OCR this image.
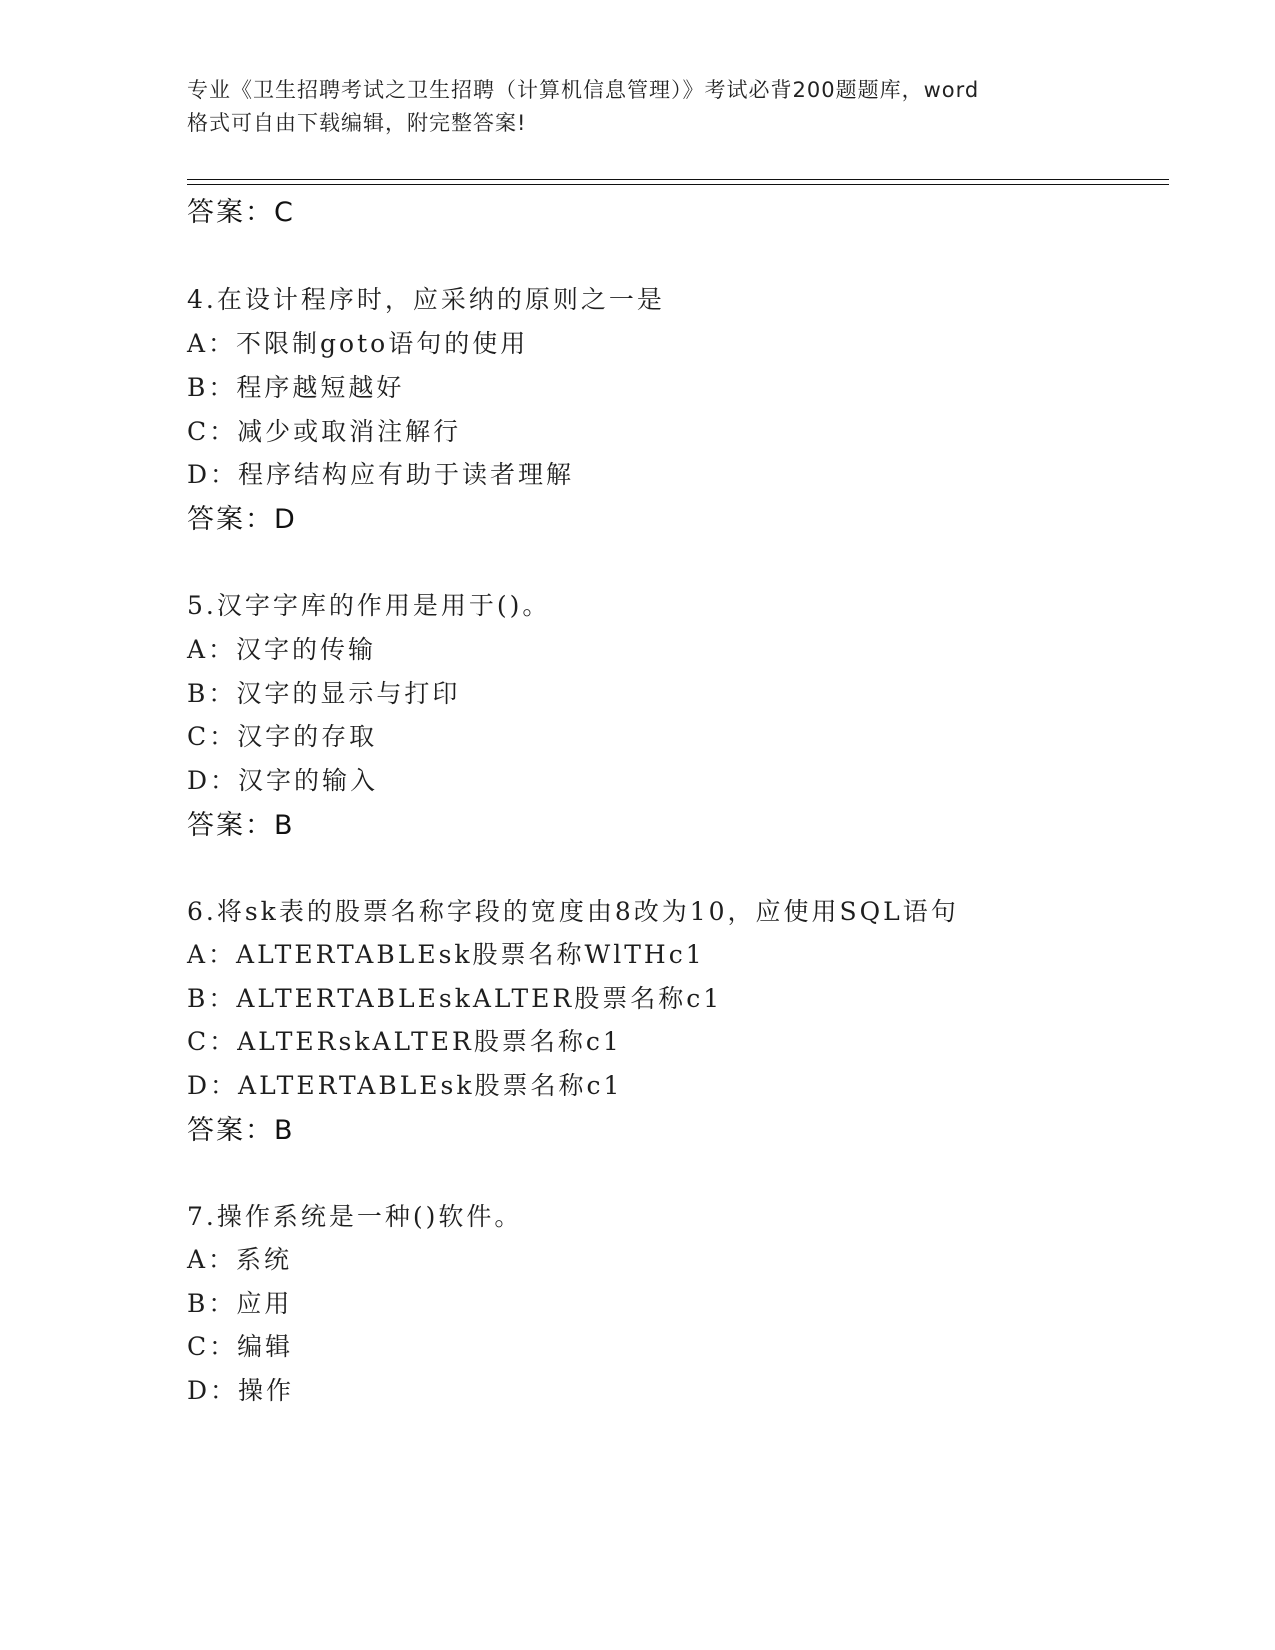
专业《卫生招聘考试之卫生招聘（计算机信息管理）》考试必背200题题库，word
格式可自由下载编辑，附完整答案!
答案：C
4.在设计程序时，应采纳的原则之一是
A：不限制goto语句的使用
B：程序越短越好
C：减少或取消注解行
D：程序结构应有助于读者理解
答案：D
5.汉字字库的作用是用于()。
A：汉字的传输
B：汉字的显示与打印
C：汉字的存取
D：汉字的输入
答案：B
6.将sk表的股票名称字段的宽度由8改为10，应使用SQL语句
A：ALTERTABLEsk股票名称WlTHc1
B：ALTERTABLEskALTER股票名称c1
C：ALTERskALTER股票名称c1
D：ALTERTABLEsk股票名称c1
答案：B
7.操作系统是一种()软件。
A：系统
B：应用
C：编辑
D：操作
